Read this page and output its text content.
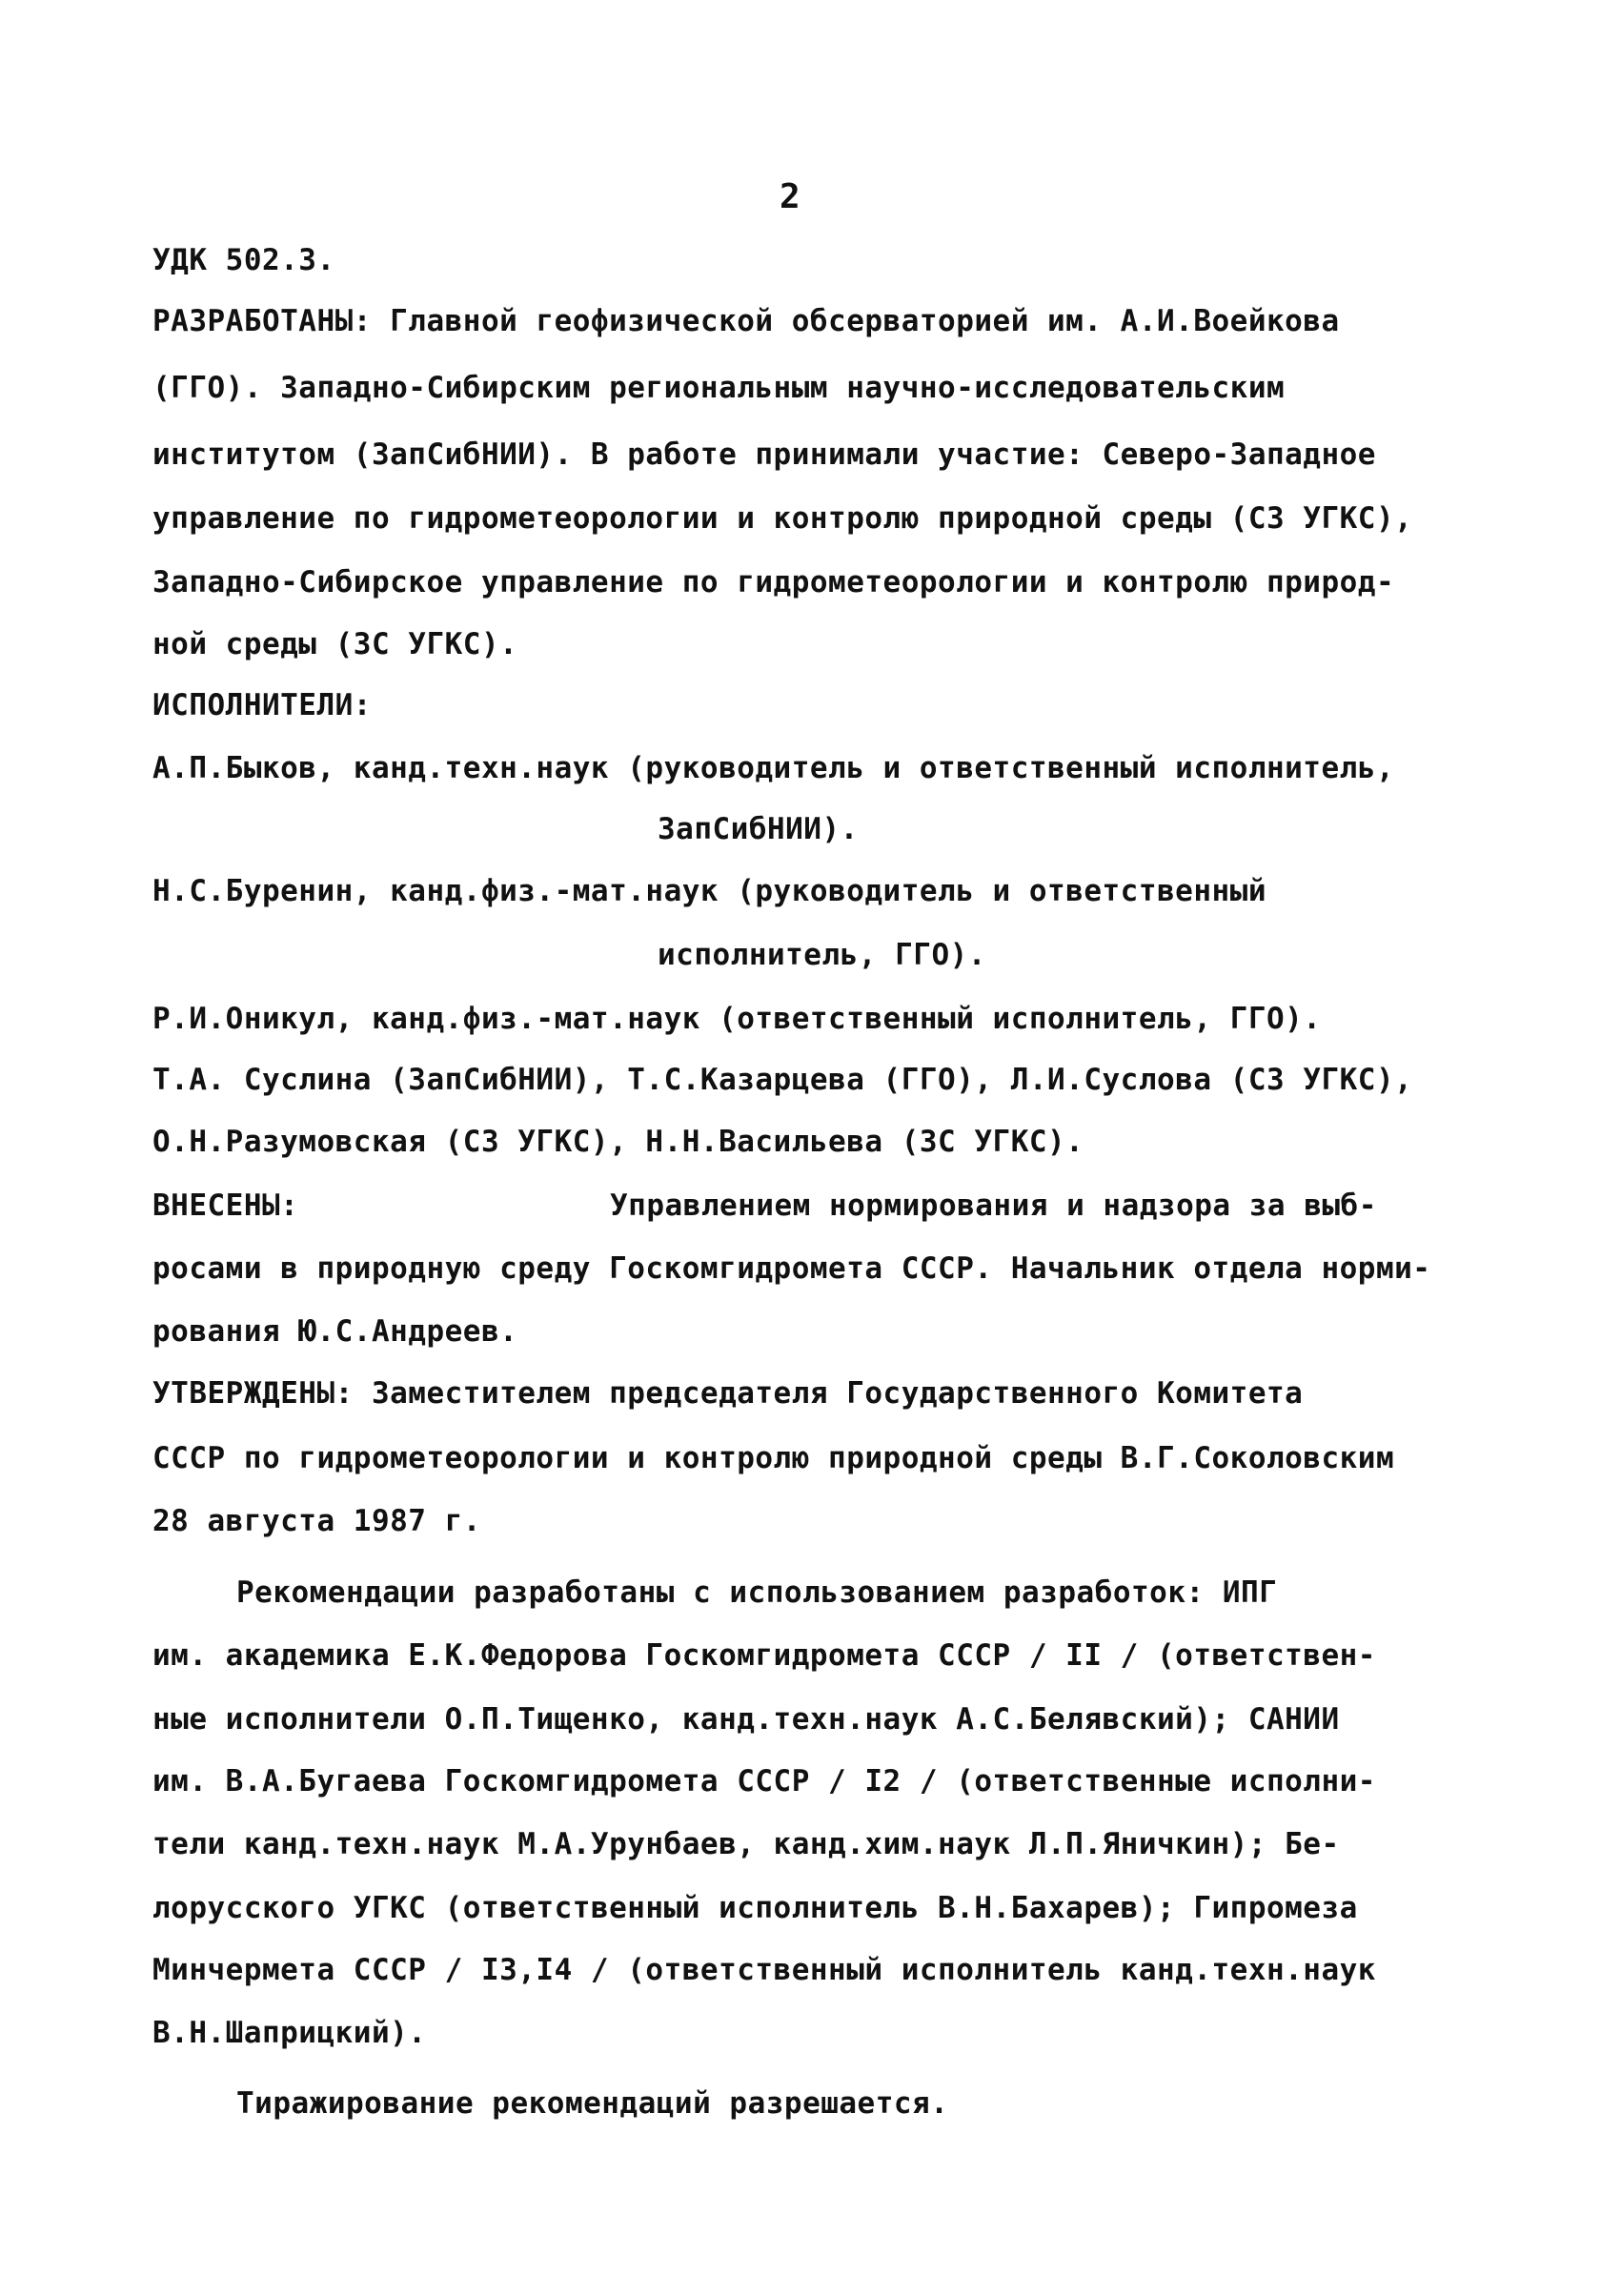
2
УДК 502.3.
РАЗРАБОТАНЫ: Главной геофизической обсерваторией им. А.И.Воейкова
(ГГО). Западно-Сибирским региональным научно-исследовательским
институтом (ЗапСибНИИ). В работе принимали участие: Северо-Западное
управление по гидрометеорологии и контролю природной среды (СЗ УГКС),
Западно-Сибирское управление по гидрометеорологии и контролю природ-
ной среды (ЗС УГКС).
ИСПОЛНИТЕЛИ:
А.П.Быков, канд.техн.наук (руководитель и ответственный исполнитель,
ЗапСибНИИ).
Н.С.Буренин, канд.физ.-мат.наук (руководитель и ответственный
исполнитель, ГГО).
Р.И.Оникул, канд.физ.-мат.наук (ответственный исполнитель, ГГО).
Т.А. Суслина (ЗапСибНИИ), Т.С.Казарцева (ГГО), Л.И.Суслова (СЗ УГКС),
О.Н.Разумовская (СЗ УГКС), Н.Н.Васильева (ЗС УГКС).
ВНЕСЕНЫ:	Управлением нормирования и надзора за выб-
росами в природную среду Госкомгидромета СССР. Начальник отдела норми-
рования Ю.С.Андреев.
УТВЕРЖДЕНЫ: Заместителем председателя Государственного Комитета
СССР по гидрометеорологии и контролю природной среды В.Г.Соколовским
28 августа 1987 г.
Рекомендации разработаны с использованием разработок: ИПГ
им. академика Е.К.Федорова Госкомгидромета СССР / II / (ответствен-
ные исполнители О.П.Тищенко, канд.техн.наук А.С.Белявский); САНИИ
им. В.А.Бугаева Госкомгидромета СССР / I2 / (ответственные исполни-
тели канд.техн.наук М.А.Урунбаев, канд.хим.наук Л.П.Яничкин); Бе-
лорусского УГКС (ответственный исполнитель В.Н.Бахарев); Гипромеза
Минчермета СССР / I3,I4 / (ответственный исполнитель канд.техн.наук
В.Н.Шаприцкий).
Тиражирование рекомендаций разрешается.
